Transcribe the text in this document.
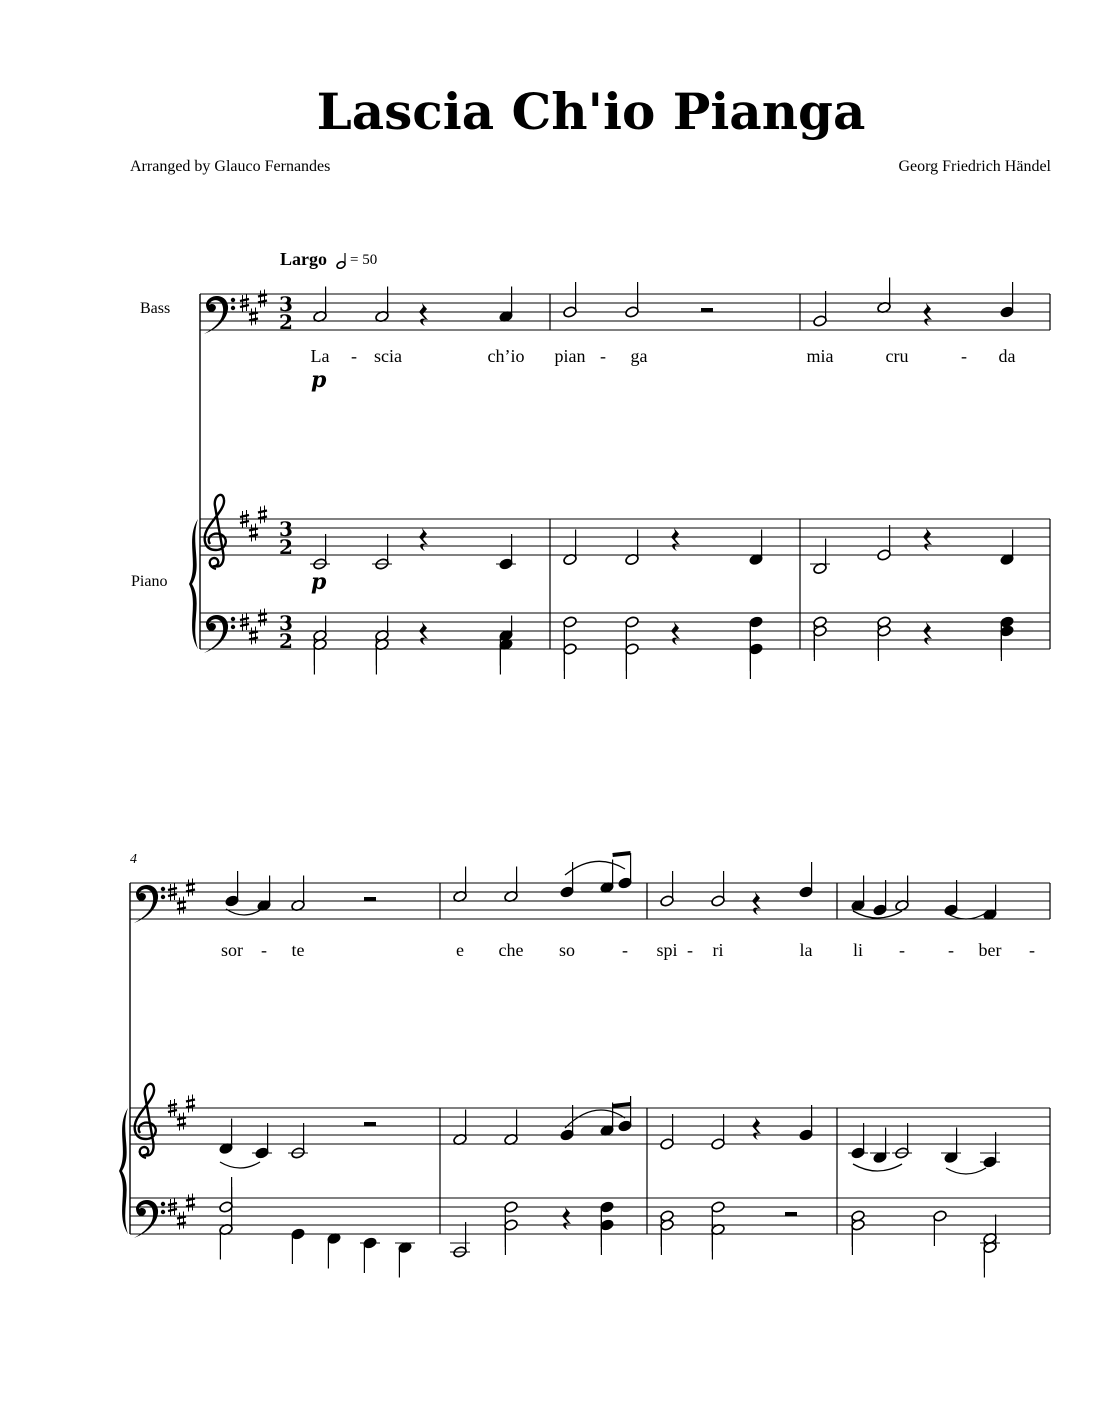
Lascia Ch'io Pianga
Arranged by Glauco Fernandes	Georg Friedrich Händel
Largo = 50
Bass
Piano
4
p
p
La - scia	ch’io pian - ga	mia	cru	- da
sor - te	e che so	- spi - ri	la li - - ber -
3
2
3
2
3
2
